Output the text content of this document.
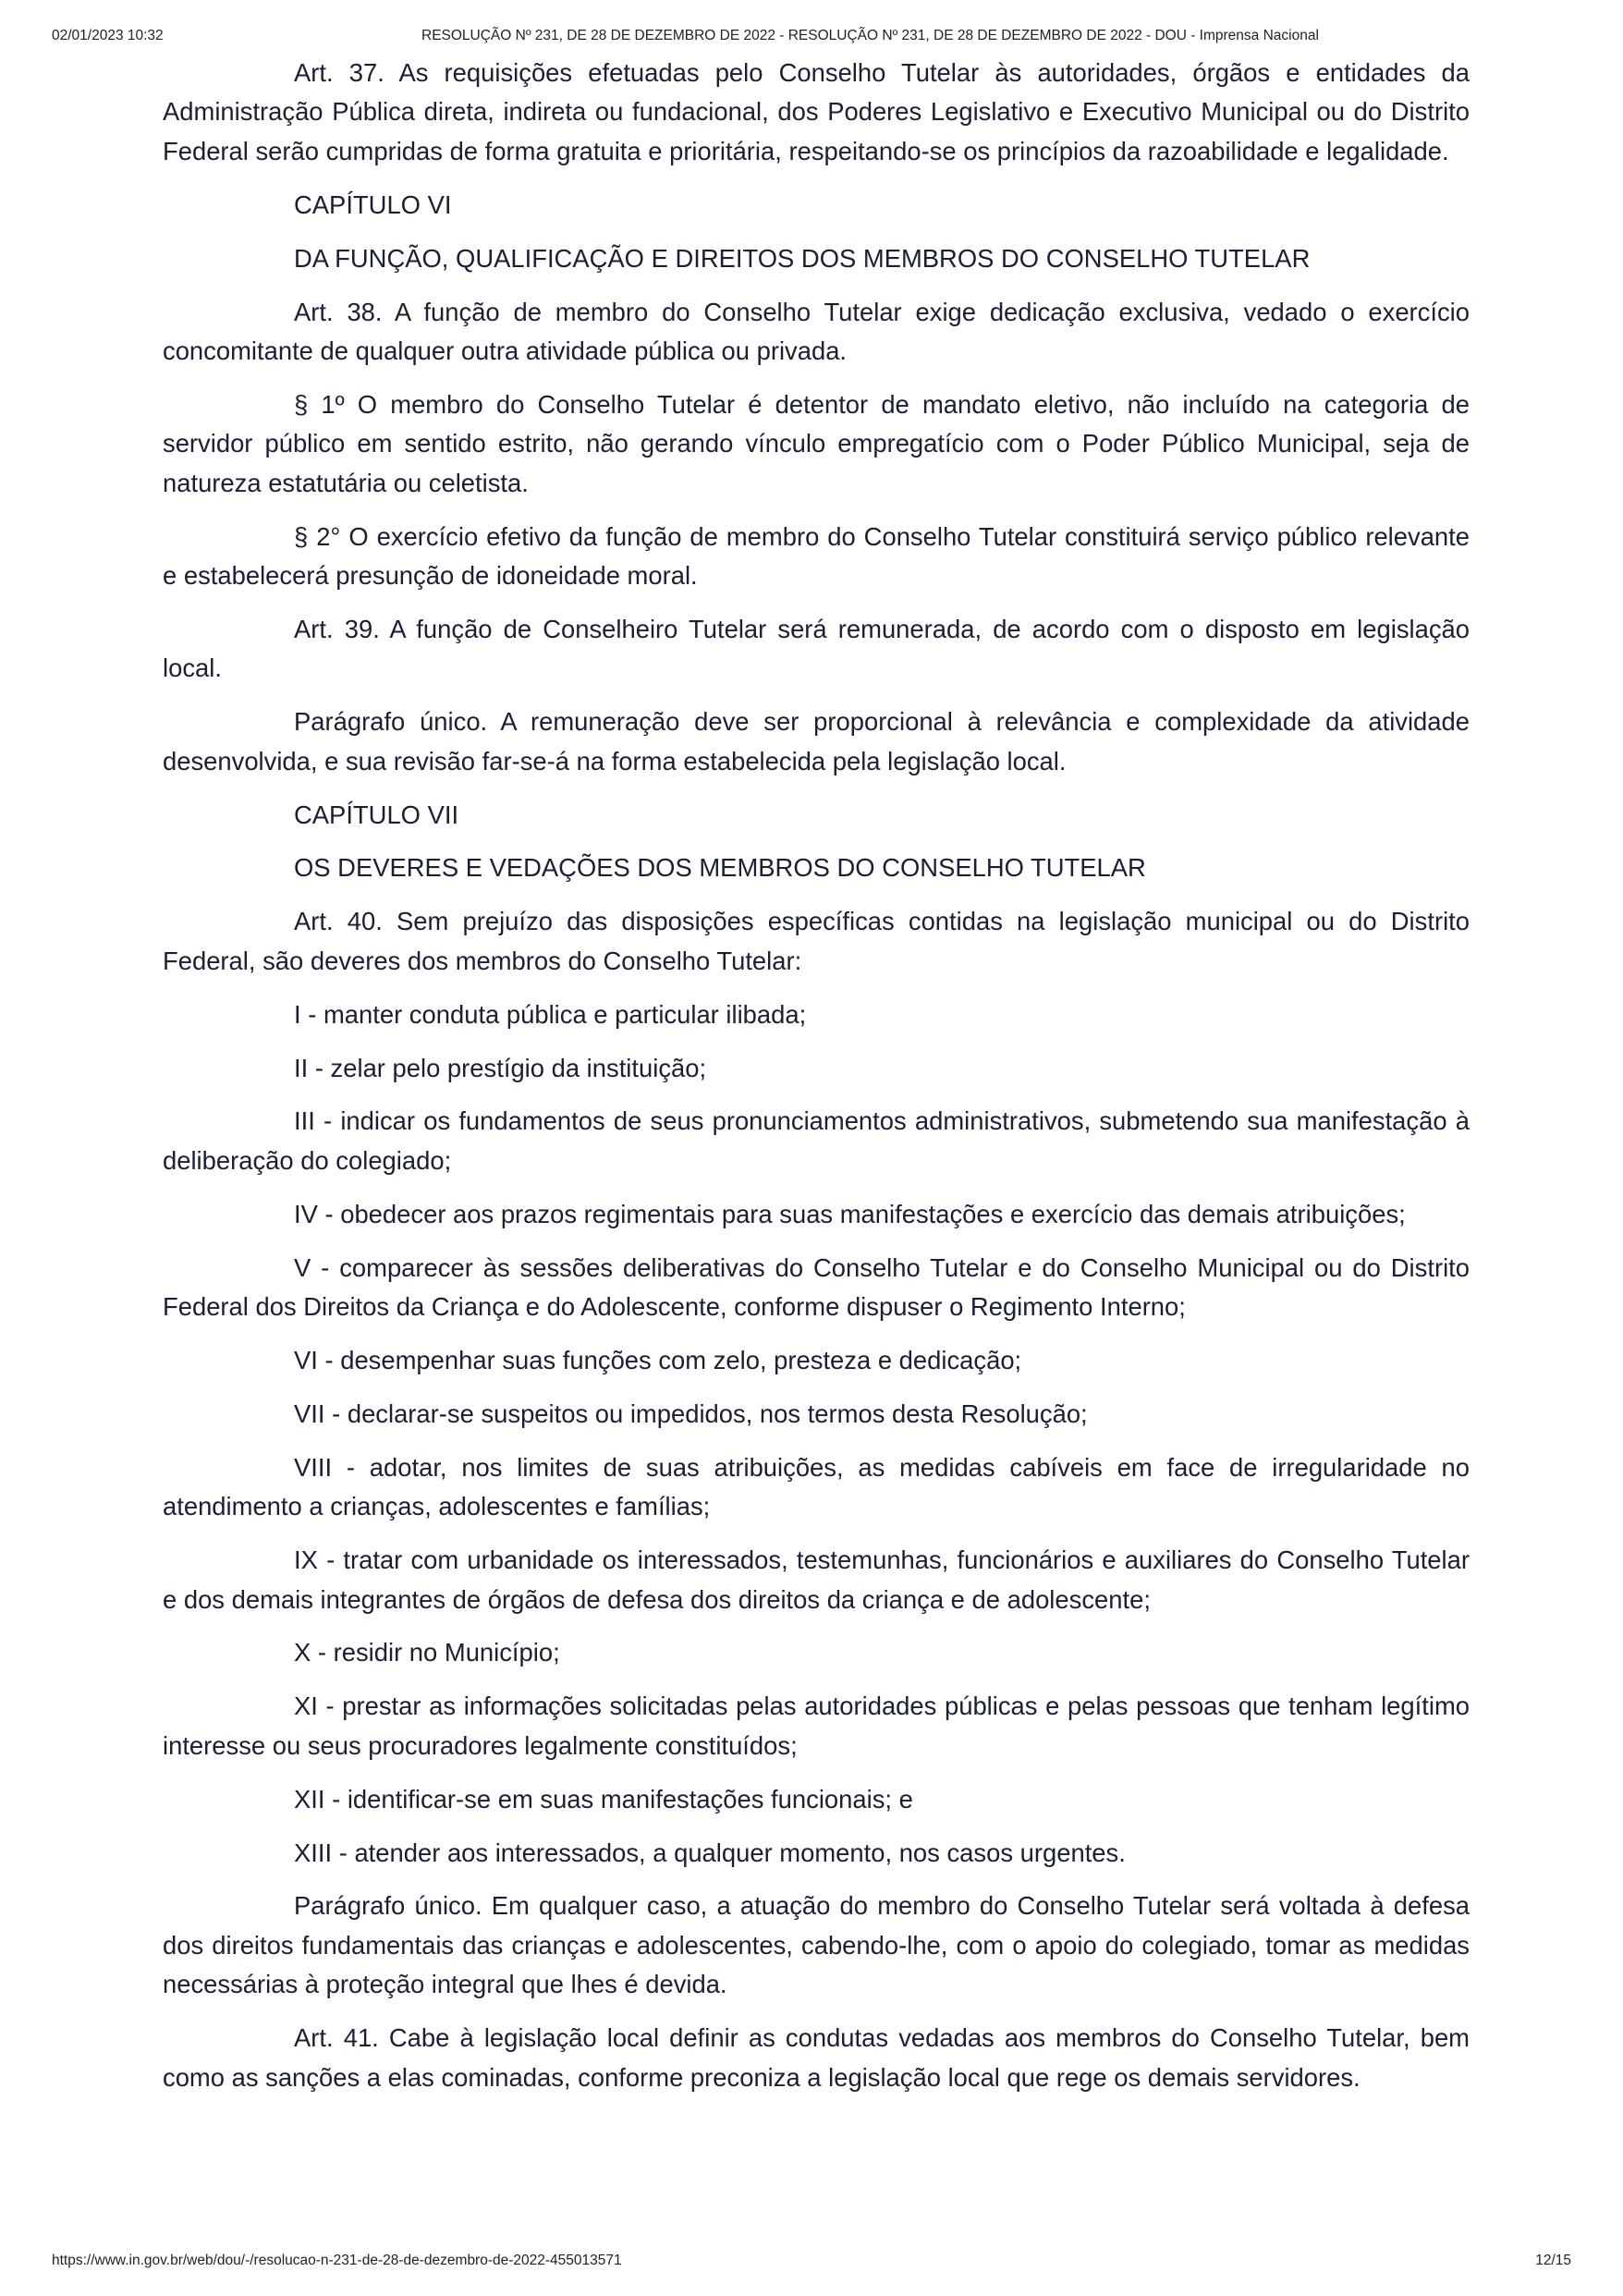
02/01/2023 10:32	RESOLUÇÃO Nº 231, DE 28 DE DEZEMBRO DE 2022 - RESOLUÇÃO Nº 231, DE 28 DE DEZEMBRO DE 2022 - DOU - Imprensa Nacional

Art. 37. As requisições efetuadas pelo Conselho Tutelar às autoridades, órgãos e entidades da Administração Pública direta, indireta ou fundacional, dos Poderes Legislativo e Executivo Municipal ou do Distrito Federal serão cumpridas de forma gratuita e prioritária, respeitando-se os princípios da razoabilidade e legalidade.

CAPÍTULO VI

DA FUNÇÃO, QUALIFICAÇÃO E DIREITOS DOS MEMBROS DO CONSELHO TUTELAR

Art. 38. A função de membro do Conselho Tutelar exige dedicação exclusiva, vedado o exercício concomitante de qualquer outra atividade pública ou privada.

§ 1º O membro do Conselho Tutelar é detentor de mandato eletivo, não incluído na categoria de servidor público em sentido estrito, não gerando vínculo empregatício com o Poder Público Municipal, seja de natureza estatutária ou celetista.

§ 2° O exercício efetivo da função de membro do Conselho Tutelar constituirá serviço público relevante e estabelecerá presunção de idoneidade moral.

Art. 39. A função de Conselheiro Tutelar será remunerada, de acordo com o disposto em legislação local.

Parágrafo único. A remuneração deve ser proporcional à relevância e complexidade da atividade desenvolvida, e sua revisão far-se-á na forma estabelecida pela legislação local.

CAPÍTULO VII

OS DEVERES E VEDAÇÕES DOS MEMBROS DO CONSELHO TUTELAR

Art. 40. Sem prejuízo das disposições específicas contidas na legislação municipal ou do Distrito Federal, são deveres dos membros do Conselho Tutelar:

I - manter conduta pública e particular ilibada;

II - zelar pelo prestígio da instituição;

III - indicar os fundamentos de seus pronunciamentos administrativos, submetendo sua manifestação à deliberação do colegiado;

IV - obedecer aos prazos regimentais para suas manifestações e exercício das demais atribuições;

V - comparecer às sessões deliberativas do Conselho Tutelar e do Conselho Municipal ou do Distrito Federal dos Direitos da Criança e do Adolescente, conforme dispuser o Regimento Interno;

VI - desempenhar suas funções com zelo, presteza e dedicação;

VII - declarar-se suspeitos ou impedidos, nos termos desta Resolução;

VIII - adotar, nos limites de suas atribuições, as medidas cabíveis em face de irregularidade no atendimento a crianças, adolescentes e famílias;

IX - tratar com urbanidade os interessados, testemunhas, funcionários e auxiliares do Conselho Tutelar e dos demais integrantes de órgãos de defesa dos direitos da criança e de adolescente;

X - residir no Município;

XI - prestar as informações solicitadas pelas autoridades públicas e pelas pessoas que tenham legítimo interesse ou seus procuradores legalmente constituídos;

XII - identificar-se em suas manifestações funcionais; e

XIII - atender aos interessados, a qualquer momento, nos casos urgentes.

Parágrafo único. Em qualquer caso, a atuação do membro do Conselho Tutelar será voltada à defesa dos direitos fundamentais das crianças e adolescentes, cabendo-lhe, com o apoio do colegiado, tomar as medidas necessárias à proteção integral que lhes é devida.

Art. 41. Cabe à legislação local definir as condutas vedadas aos membros do Conselho Tutelar, bem como as sanções a elas cominadas, conforme preconiza a legislação local que rege os demais servidores.

https://www.in.gov.br/web/dou/-/resolucao-n-231-de-28-de-dezembro-de-2022-455013571	12/15
